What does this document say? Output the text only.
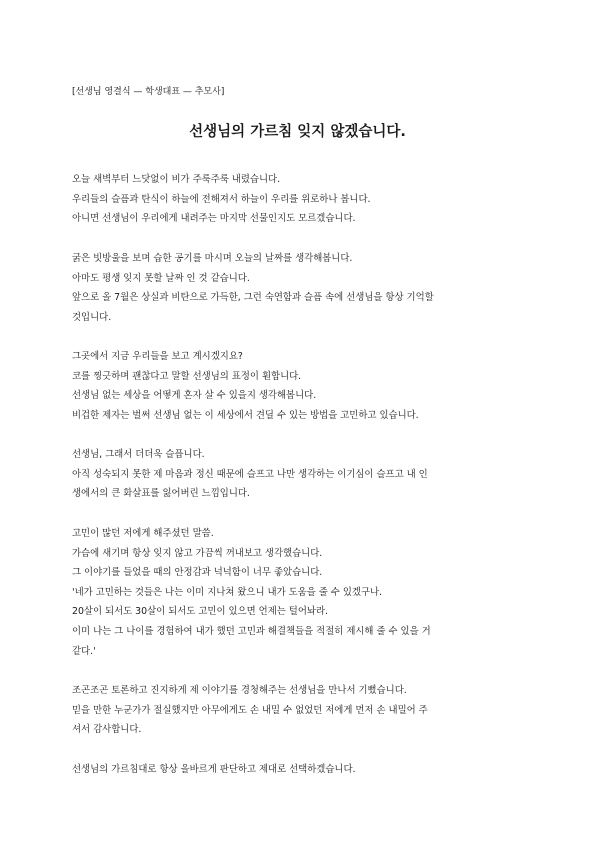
[선생님 영결식 — 학생대표 — 추모사]
선생님의 가르침 잊지 않겠습니다.

오늘 새벽부터 느닷없이 비가 주룩주룩 내렸습니다.

우리들의 슬픔과 탄식이 하늘에 전해져서 하늘이 우리를 위로하나 봅니다.

아니면 선생님이 우리에게 내려주는 마지막 선물인지도 모르겠습니다.

굵은 빗방울을 보며 습한 공기를 마시며 오늘의 날짜를 생각해봅니다.

아마도 평생 잊지 못할 날짜 인 것 같습니다.

앞으로 올 7월은 상실과 비탄으로 가득한, 그런 숙연함과 슬픔 속에 선생님을 항상 기억할

것입니다.

그곳에서 지금 우리들을 보고 계시겠지요?

코를 찡긋하며 괜찮다고 말할 선생님의 표정이 훤합니다.

선생님 없는 세상을 어떻게 혼자 살 수 있을지 생각해봅니다.

비겁한 제자는 벌써 선생님 없는 이 세상에서 견딜 수 있는 방법을 고민하고 있습니다.

선생님, 그래서 더더욱 슬픕니다.

아직 성숙되지 못한 제 마음과 정신 때문에 슬프고 나만 생각하는 이기심이 슬프고 내 인

생에서의 큰 화살표를 잃어버린 느낌입니다.

고민이 많던 저에게 해주셨던 말씀.

가슴에 새기며 항상 잊지 않고 가끔씩 꺼내보고 생각했습니다.

그 이야기를 들었을 때의 안정감과 넉넉함이 너무 좋았습니다.

'네가 고민하는 것들은 나는 이미 지나쳐 왔으니 내가 도움을 줄 수 있겠구나.

20살이 되서도 30살이 되서도 고민이 있으면 언제는 털어놔라.

이미 나는 그 나이를 경험하여 내가 했던 고민과 해결책들을 적절히 제시해 줄 수 있을 거

같다.'

조곤조곤 토론하고 진지하게 제 이야기를 경청해주는 선생님을 만나서 기뻤습니다.

믿을 만한 누군가가 절실했지만 아무에게도 손 내밀 수 없었던 저에게 먼저 손 내밀어 주

셔서 감사합니다.

선생님의 가르침대로 항상 올바르게 판단하고 제대로 선택하겠습니다.
